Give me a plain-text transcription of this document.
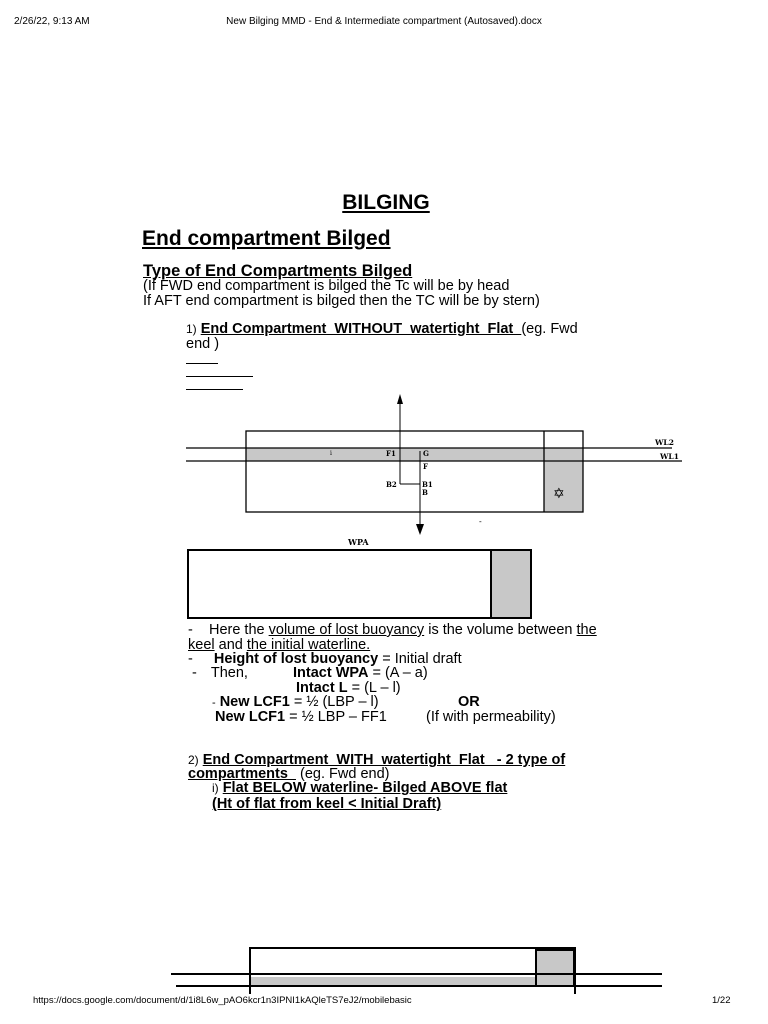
2/26/22, 9:13 AM	New Bilging MMD - End & Intermediate compartment (Autosaved).docx
BILGING
End compartment Bilged
Type of End Compartments Bilged
(If FWD end compartment is bilged the Tc will be by head
If AFT end compartment is bilged then the TC will be by stern)
1) End Compartment  WITHOUT  watertight  Flat  (eg. Fwd
end )
WL2
WL1
F1	G
F
B2	B1
B
i
-
✡
WPA
- Here the volume of lost buoyancy is the volume between the
keel and the initial waterline.
- Height of lost buoyancy = Initial draft
- Then,	Intact WPA = (A – a)
Intact L = (L – l)
- New LCF1 = ½ (LBP – l)	OR
New LCF1 = ½ LBP – FF1	(If with permeability)
2) End Compartment  WITH  watertight  Flat   - 2 type of
compartments   (eg. Fwd end)
i) Flat BELOW waterline- Bilged ABOVE flat
(Ht of flat from keel < Initial Draft)
https://docs.google.com/document/d/1i8L6w_pAO6kcr1n3IPNI1kAQleTS7eJ2/mobilebasic	1/22
